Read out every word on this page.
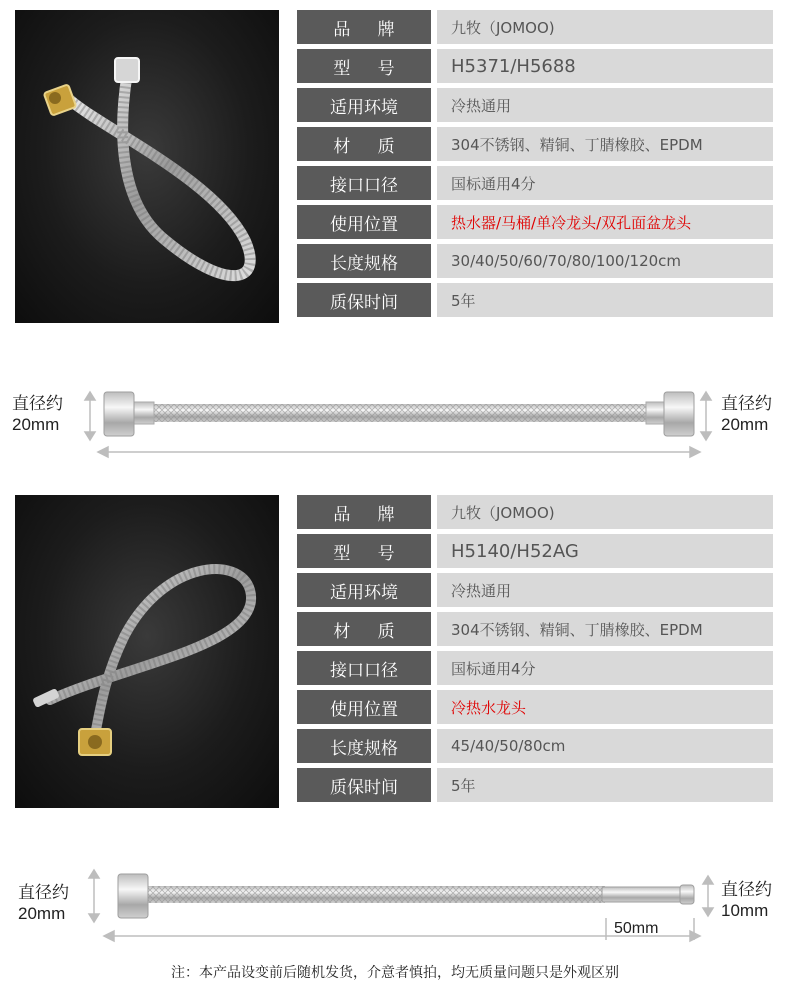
品牌	九牧（JOMOO)
型号	H5371/H5688
适用环境	冷热通用
材质	304不锈钢、精铜、丁腈橡胶、EPDM
接口口径	国标通用4分
使用位置	热水器/马桶/单冷龙头/双孔面盆龙头
长度规格	30/40/50/60/70/80/100/120cm
质保时间	5年
直径约
20mm
直径约
20mm
品牌	九牧（JOMOO)
型号	H5140/H52AG
适用环境	冷热通用
材质	304不锈钢、精铜、丁腈橡胶、EPDM
接口口径	国标通用4分
使用位置	冷热水龙头
长度规格	45/40/50/80cm
质保时间	5年
直径约
20mm
直径约
10mm
50mm
注：本产品设变前后随机发货，介意者慎拍，均无质量问题只是外观区别
